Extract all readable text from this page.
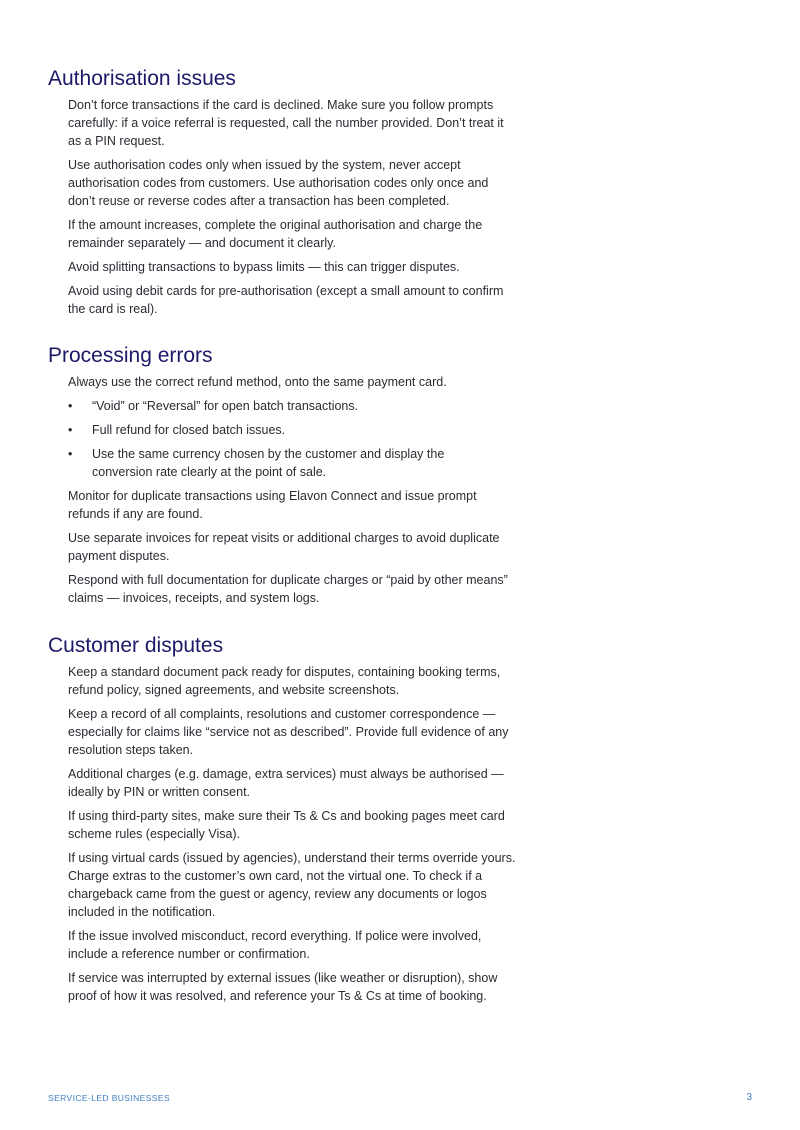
Authorisation issues

Don’t force transactions if the card is declined. Make sure you follow prompts carefully: if a voice referral is requested, call the number provided. Don’t treat it as a PIN request.

Use authorisation codes only when issued by the system, never accept authorisation codes from customers. Use authorisation codes only once and don’t reuse or reverse codes after a transaction has been completed.

If the amount increases, complete the original authorisation and charge the remainder separately — and document it clearly.

Avoid splitting transactions to bypass limits — this can trigger disputes.

Avoid using debit cards for pre-authorisation (except a small amount to confirm the card is real).

Processing errors

Always use the correct refund method, onto the same payment card.

•	“Void” or “Reversal” for open batch transactions.
•	Full refund for closed batch issues.
•	Use the same currency chosen by the customer and display the conversion rate clearly at the point of sale.

Monitor for duplicate transactions using Elavon Connect and issue prompt refunds if any are found.

Use separate invoices for repeat visits or additional charges to avoid duplicate payment disputes.

Respond with full documentation for duplicate charges or “paid by other means” claims — invoices, receipts, and system logs.

Customer disputes

Keep a standard document pack ready for disputes, containing booking terms, refund policy, signed agreements, and website screenshots.

Keep a record of all complaints, resolutions and customer correspondence — especially for claims like “service not as described”. Provide full evidence of any resolution steps taken.

Additional charges (e.g. damage, extra services) must always be authorised — ideally by PIN or written consent.

If using third-party sites, make sure their Ts & Cs and booking pages meet card scheme rules (especially Visa).

If using virtual cards (issued by agencies), understand their terms override yours. Charge extras to the customer’s own card, not the virtual one. To check if a chargeback came from the guest or agency, review any documents or logos included in the notification.

If the issue involved misconduct, record everything. If police were involved, include a reference number or confirmation.

If service was interrupted by external issues (like weather or disruption), show proof of how it was resolved, and reference your Ts & Cs at time of booking.

SERVICE-LED BUSINESSES	3
